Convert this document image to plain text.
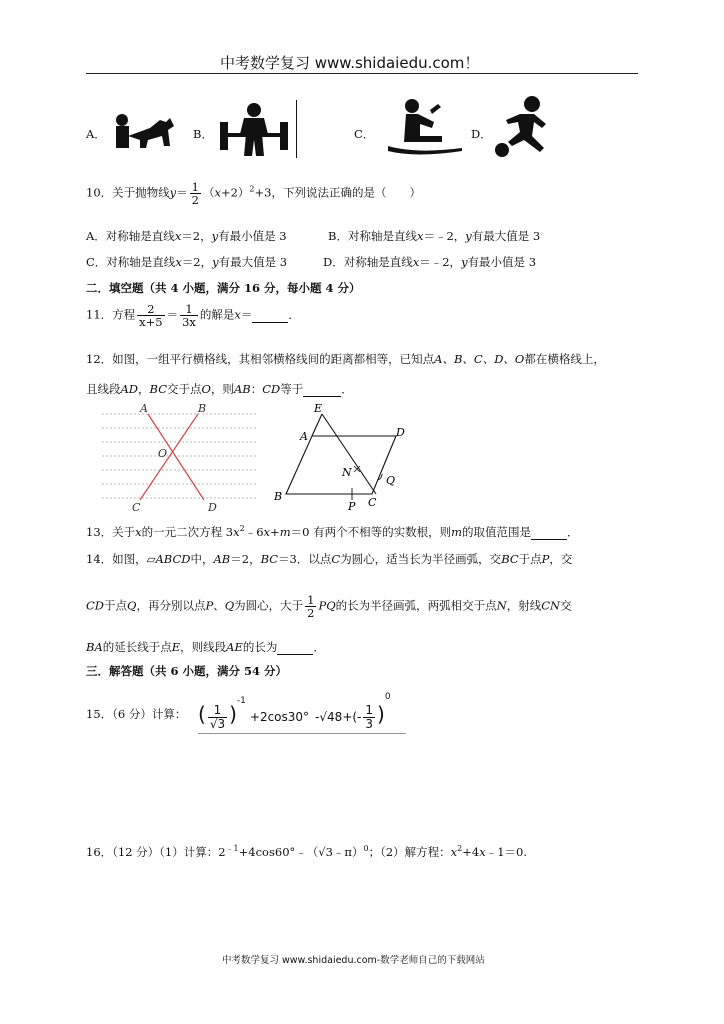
中考数学复习 www.shidaiedu.com！
A．	B．	C．	D．
10．关于抛物线$y= \frac{1}{2} (x+2)^2+3$，下列说法正确的是（　　）
A．对称轴是直线x＝2，y有最小值是 3	B．对称轴是直线x＝﹣2，y有最大值是 3
C．对称轴是直线x＝2，y有最大值是 3	D．对称轴是直线x＝﹣2，y有最小值是 3
二．填空题（共 4 小题，满分 16 分，每小题 4 分）
11．方程 $\frac{2}{x+5} = \frac{1}{3x}$ 的解是x＝	．
12．如图，一组平行横格线，其相邻横格线间的距离都相等，已知点A、B、C、D、O都在横格线上，
且线段AD，BC交于点O，则AB：CD等于	．
A	B
O
C	D
E
A	D
N
Q
B
P C
13．关于x的一元二次方程 $3x^2﹣6x+m=0$ 有两个不相等的实数根，则m的取值范围是	．
14．如图，▱ABCD中，AB＝2，BC＝3．以点C为圆心，适当长为半径画弧，交BC于点P，交
CD于点Q，再分别以点P、Q为圆心，大于 $\frac{1}{2}$ PQ的长为半径画弧，两弧相交于点N，射线CN交
BA的延长线于点E，则线段AE的长为	．
三．解答题（共 6 小题，满分 54 分）
15．（6 分）计算： ( $\frac{1}{√3} )^{-1}+2\cos 30^\circ$ $-√48+(- \frac{1}{3} )^0$
16．（12 分）（1）计算：$2^{﹣1}+4\cos 60^\circ﹣(√3﹣\pi)^0$；（2）解方程：$x^2+4x﹣1=0$.
中考数学复习 www.shidaiedu.com-数学老师自己的下载网站
